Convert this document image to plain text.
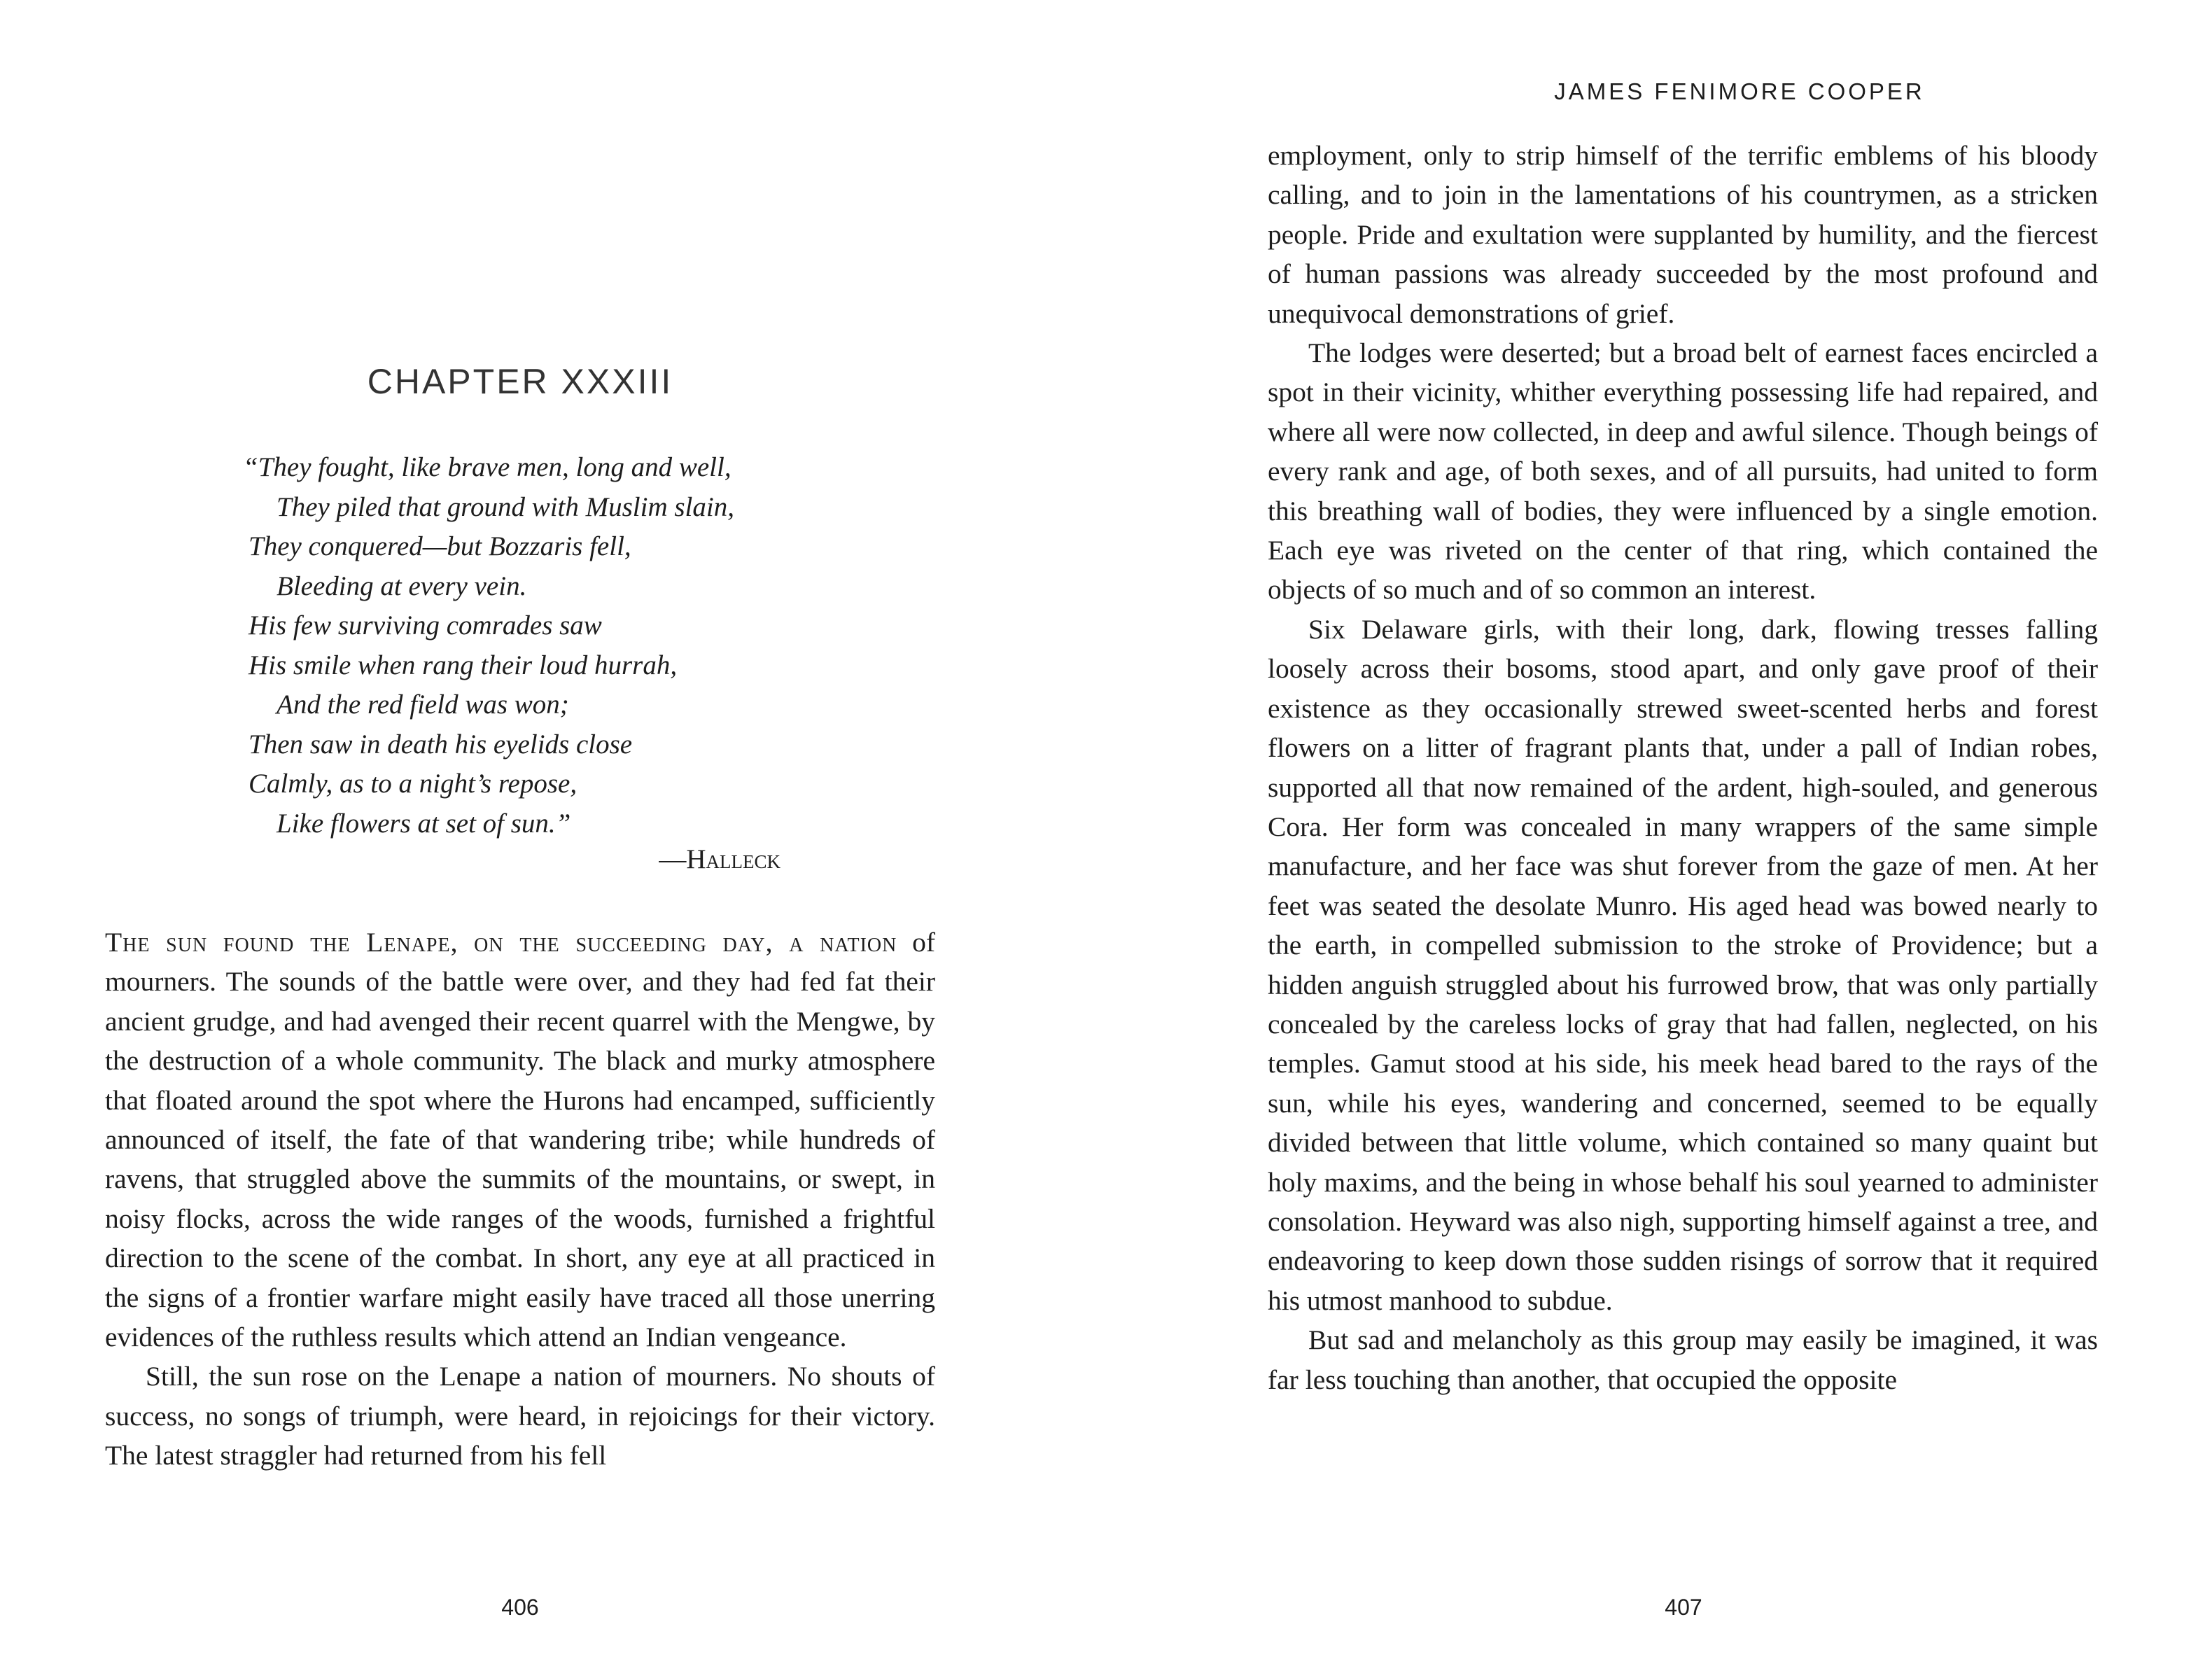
CHAPTER XXXIII
“They fought, like brave men, long and well,
They piled that ground with Muslim slain,
They conquered—but Bozzaris fell,
Bleeding at every vein.
His few surviving comrades saw
His smile when rang their loud hurrah,
And the red field was won;
Then saw in death his eyelids close
Calmly, as to a night’s repose,
Like flowers at set of sun.”
—Halleck

The sun found the Lenape, on the succeeding day, a nation of mourners. The sounds of the battle were over, and they had fed fat their ancient grudge, and had avenged their recent quarrel with the Mengwe, by the destruction of a whole community. The black and murky atmosphere that floated around the spot where the Hurons had encamped, sufficiently announced of itself, the fate of that wandering tribe; while hundreds of ravens, that struggled above the summits of the mountains, or swept, in noisy flocks, across the wide ranges of the woods, furnished a frightful direction to the scene of the combat. In short, any eye at all practiced in the signs of a frontier warfare might easily have traced all those unerring evidences of the ruthless results which attend an Indian vengeance.

Still, the sun rose on the Lenape a nation of mourners. No shouts of success, no songs of triumph, were heard, in rejoicings for their victory. The latest straggler had returned from his fell

406
JAMES FENIMORE COOPER

employment, only to strip himself of the terrific emblems of his bloody calling, and to join in the lamentations of his countrymen, as a stricken people. Pride and exultation were supplanted by humility, and the fiercest of human passions was already succeeded by the most profound and unequivocal demonstrations of grief.

The lodges were deserted; but a broad belt of earnest faces encircled a spot in their vicinity, whither everything possessing life had repaired, and where all were now collected, in deep and awful silence. Though beings of every rank and age, of both sexes, and of all pursuits, had united to form this breathing wall of bodies, they were influenced by a single emotion. Each eye was riveted on the center of that ring, which contained the objects of so much and of so common an interest.

Six Delaware girls, with their long, dark, flowing tresses falling loosely across their bosoms, stood apart, and only gave proof of their existence as they occasionally strewed sweet-scented herbs and forest flowers on a litter of fragrant plants that, under a pall of Indian robes, supported all that now remained of the ardent, high-souled, and generous Cora. Her form was concealed in many wrappers of the same simple manufacture, and her face was shut forever from the gaze of men. At her feet was seated the desolate Munro. His aged head was bowed nearly to the earth, in compelled submission to the stroke of Providence; but a hidden anguish struggled about his furrowed brow, that was only partially concealed by the careless locks of gray that had fallen, neglected, on his temples. Gamut stood at his side, his meek head bared to the rays of the sun, while his eyes, wandering and concerned, seemed to be equally divided between that little volume, which contained so many quaint but holy maxims, and the being in whose behalf his soul yearned to administer consolation. Heyward was also nigh, supporting himself against a tree, and endeavoring to keep down those sudden risings of sorrow that it required his utmost manhood to subdue.

But sad and melancholy as this group may easily be imagined, it was far less touching than another, that occupied the opposite

407
